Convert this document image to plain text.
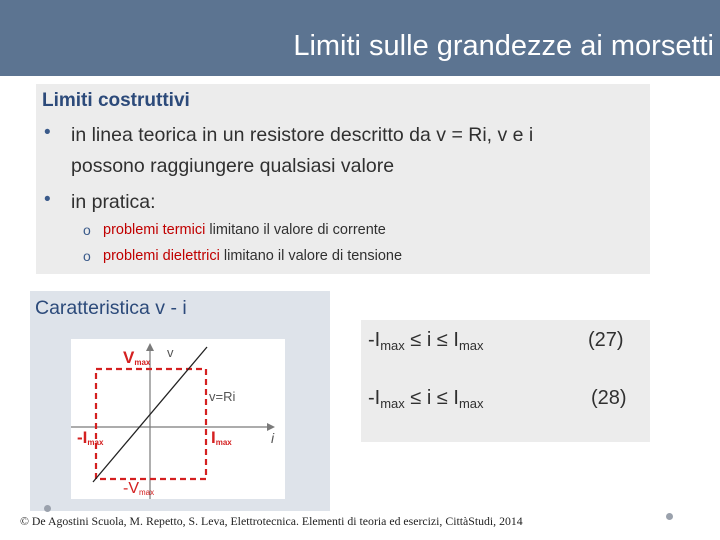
Limiti sulle grandezze ai morsetti
Limiti costruttivi
• in linea teorica in un resistore descritto da v = Ri, v e i
possono raggiungere qualsiasi valore
• in pratica:
o problemi termici limitano il valore di corrente
o problemi dielettrici limitano il valore di tensione
Caratteristica v - i
Vmax
v
v=Ri
i
-Imax	Imax
-Vmax
$-I_{max} \le i \le I_{max}$	(27)
$-I_{max} \le i \le I_{max}$	(28)
© De Agostini Scuola, M. Repetto, S. Leva, Elettrotecnica. Elementi di teoria ed esercizi, CittàStudi, 2014
